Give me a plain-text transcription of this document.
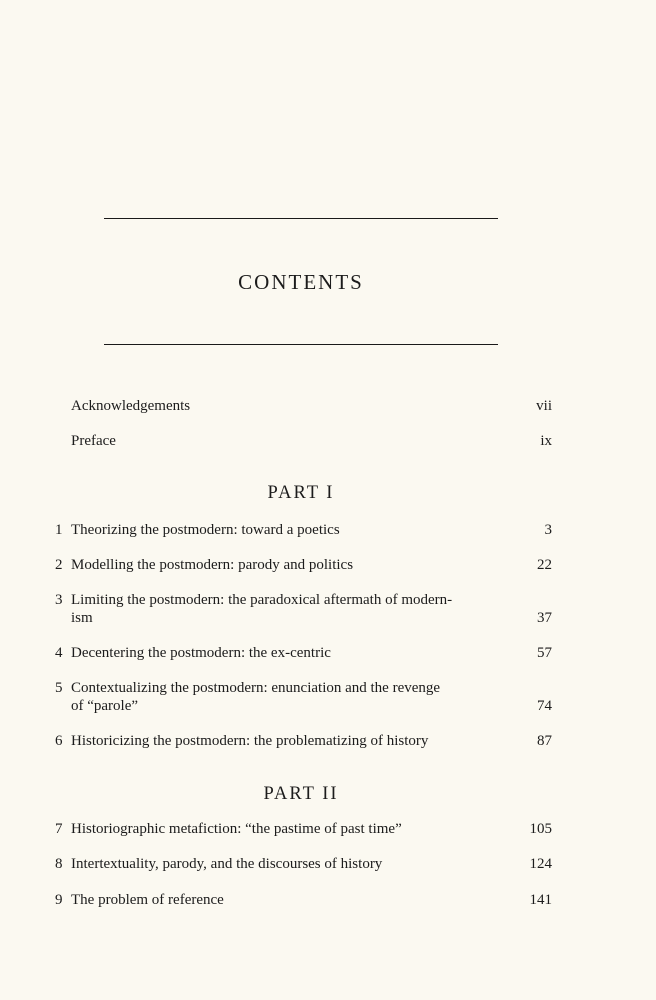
CONTENTS
Acknowledgements	vii
Preface	ix
PART I
1 Theorizing the postmodern: toward a poetics	3
2 Modelling the postmodern: parody and politics	22
3 Limiting the postmodern: the paradoxical aftermath of modern-
ism	37
4 Decentering the postmodern: the ex-centric	57
5 Contextualizing the postmodern: enunciation and the revenge
of “parole”	74
6 Historicizing the postmodern: the problematizing of history	87
PART II
7 Historiographic metafiction: “the pastime of past time”	105
8 Intertextuality, parody, and the discourses of history	124
9 The problem of reference	141
